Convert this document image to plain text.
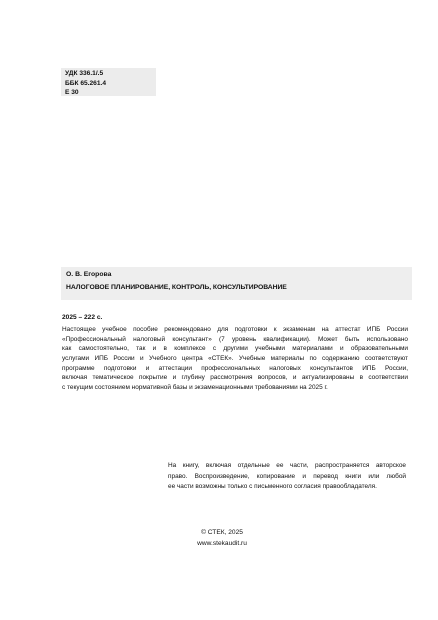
УДК 336.1/.5
ББК 65.261.4
Е 30
О. В. Егорова
НАЛОГОВОЕ ПЛАНИРОВАНИЕ, КОНТРОЛЬ, КОНСУЛЬТИРОВАНИЕ
2025 – 222 с.
Настоящее учебное пособие рекомендовано для подготовки к экзаменам на аттестат ИПБ России
«Профессиональный налоговый консультант» (7 уровень квалификации). Может быть использовано
как самостоятельно, так и в комплексе с другими учебными материалами и образовательными
услугами ИПБ России и Учебного центра «СТЕК». Учебные материалы по содержанию соответствуют
программе подготовки и аттестации профессиональных налоговых консультантов ИПБ России,
включая тематическое покрытие и глубину рассмотрения вопросов, и актуализированы в соответствии
с текущим состоянием нормативной базы и экзаменационными требованиями на 2025 г.
На книгу, включая отдельные ее части, распространяется авторское
право. Воспроизведение, копирование и перевод книги или любой
ее части возможны только с письменного согласия правообладателя.
© СТЕК, 2025
www.stekaudit.ru
